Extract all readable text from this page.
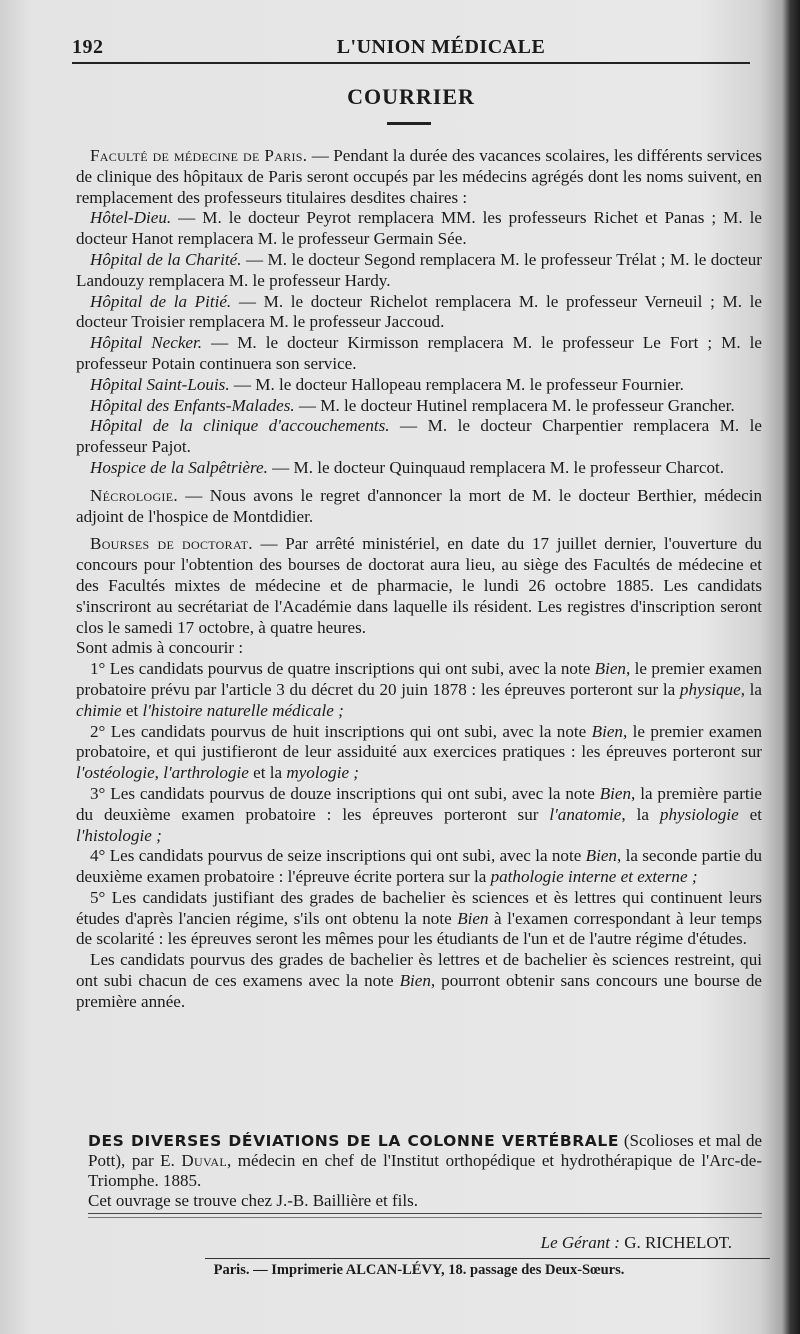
192	L'UNION MÉDICALE
COURRIER

Faculté de médecine de Paris. — Pendant la durée des vacances scolaires, les différents services de clinique des hôpitaux de Paris seront occupés par les médecins agrégés dont les noms suivent, en remplacement des professeurs titulaires desdites chaires :

Hôtel-Dieu. — M. le docteur Peyrot remplacera MM. les professeurs Richet et Panas ; M. le docteur Hanot remplacera M. le professeur Germain Sée.

Hôpital de la Charité. — M. le docteur Segond remplacera M. le professeur Trélat ; M. le docteur Landouzy remplacera M. le professeur Hardy.

Hôpital de la Pitié. — M. le docteur Richelot remplacera M. le professeur Verneuil ; M. le docteur Troisier remplacera M. le professeur Jaccoud.

Hôpital Necker. — M. le docteur Kirmisson remplacera M. le professeur Le Fort ; M. le professeur Potain continuera son service.

Hôpital Saint-Louis. — M. le docteur Hallopeau remplacera M. le professeur Fournier.

Hôpital des Enfants-Malades. — M. le docteur Hutinel remplacera M. le professeur Grancher.

Hôpital de la clinique d'accouchements. — M. le docteur Charpentier remplacera M. le professeur Pajot.

Hospice de la Salpêtrière. — M. le docteur Quinquaud remplacera M. le professeur Charcot.

Nécrologie. — Nous avons le regret d'annoncer la mort de M. le docteur Berthier, médecin adjoint de l'hospice de Montdidier.

Bourses de doctorat. — Par arrêté ministériel, en date du 17 juillet dernier, l'ouverture du concours pour l'obtention des bourses de doctorat aura lieu, au siège des Facultés de médecine et des Facultés mixtes de médecine et de pharmacie, le lundi 26 octobre 1885. Les candidats s'inscriront au secrétariat de l'Académie dans laquelle ils résident. Les registres d'inscription seront clos le samedi 17 octobre, à quatre heures.

Sont admis à concourir :

1° Les candidats pourvus de quatre inscriptions qui ont subi, avec la note Bien, le premier examen probatoire prévu par l'article 3 du décret du 20 juin 1878 : les épreuves porteront sur la physique, la chimie et l'histoire naturelle médicale ;

2° Les candidats pourvus de huit inscriptions qui ont subi, avec la note Bien, le premier examen probatoire, et qui justifieront de leur assiduité aux exercices pratiques : les épreuves porteront sur l'ostéologie, l'arthrologie et la myologie ;

3° Les candidats pourvus de douze inscriptions qui ont subi, avec la note Bien, la première partie du deuxième examen probatoire : les épreuves porteront sur l'anatomie, la physiologie et l'histologie ;

4° Les candidats pourvus de seize inscriptions qui ont subi, avec la note Bien, la seconde partie du deuxième examen probatoire : l'épreuve écrite portera sur la pathologie interne et externe ;

5° Les candidats justifiant des grades de bachelier ès sciences et ès lettres qui continuent leurs études d'après l'ancien régime, s'ils ont obtenu la note Bien à l'examen correspondant à leur temps de scolarité : les épreuves seront les mêmes pour les étudiants de l'un et de l'autre régime d'études.

Les candidats pourvus des grades de bachelier ès lettres et de bachelier ès sciences restreint, qui ont subi chacun de ces examens avec la note Bien, pourront obtenir sans concours une bourse de première année.

DES DIVERSES DÉVIATIONS DE LA COLONNE VERTÉBRALE (Scolioses et mal de Pott), par E. Duval, médecin en chef de l'Institut orthopédique et hydrothérapique de l'Arc-de-Triomphe. 1885.
Cet ouvrage se trouve chez J.-B. Baillière et fils.
Le Gérant : G. RICHELOT.
Paris. — Imprimerie ALCAN-LÉVY, 18. passage des Deux-Sœurs.
